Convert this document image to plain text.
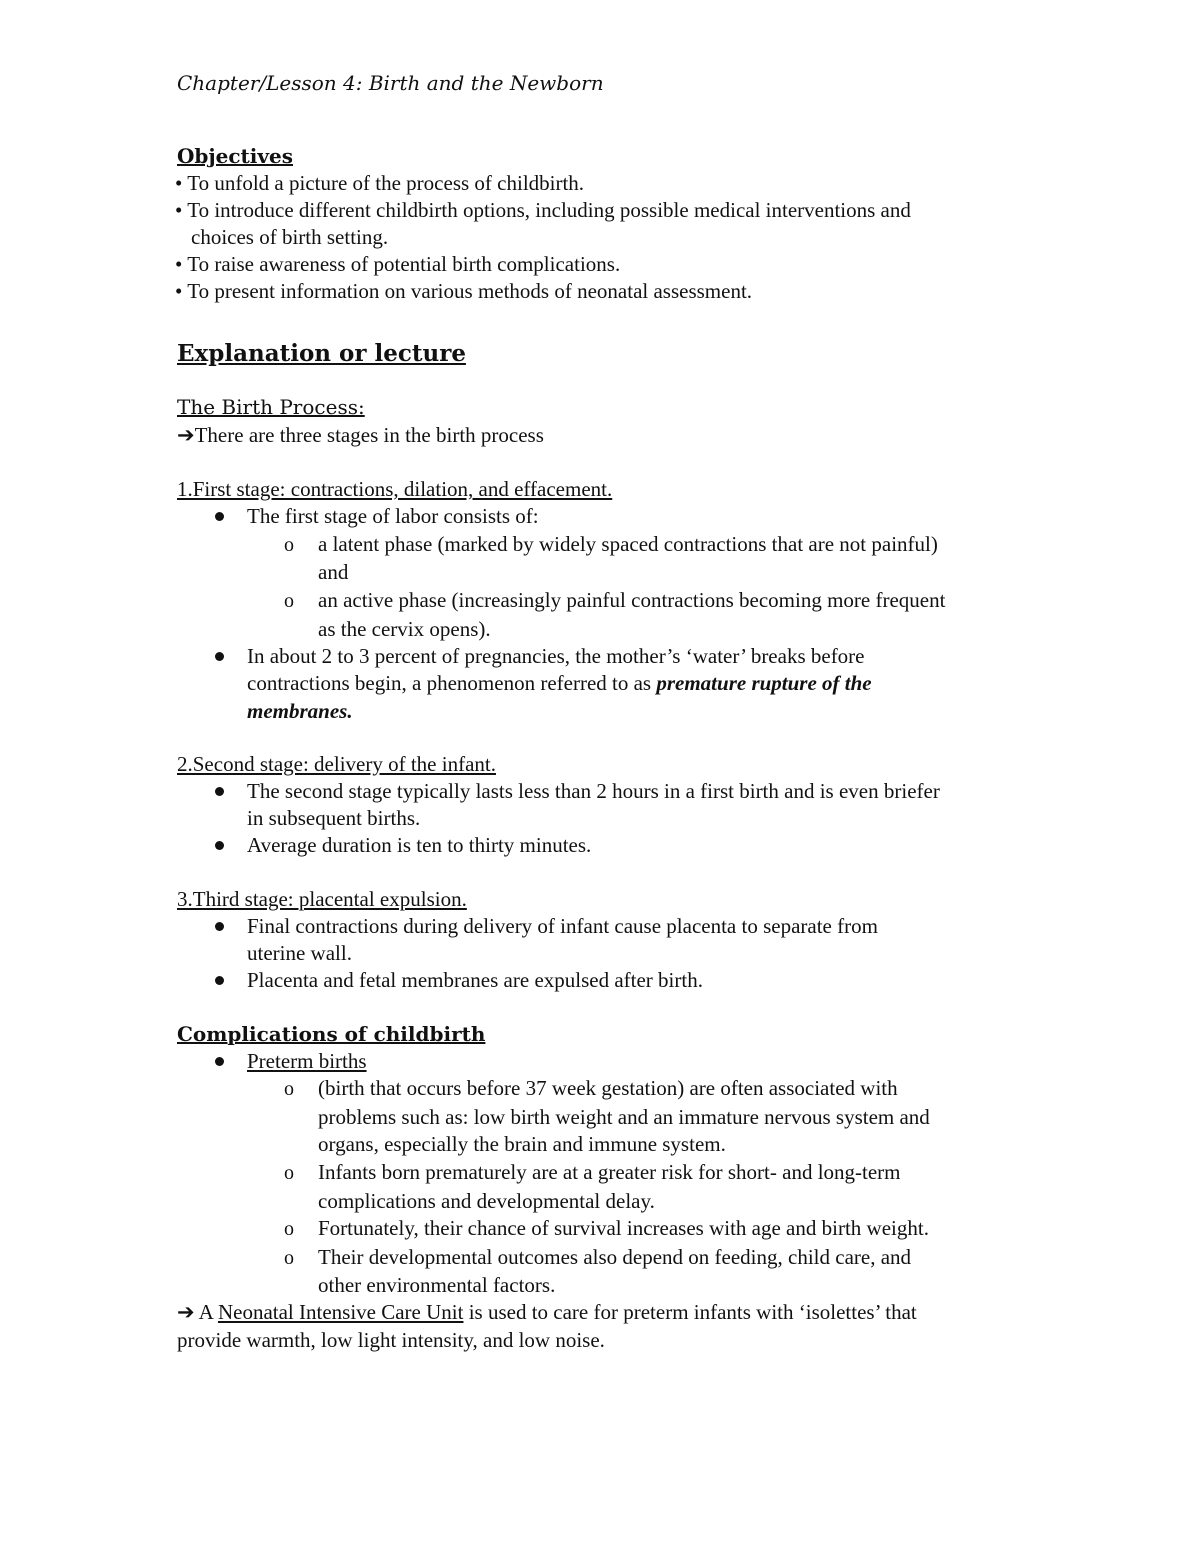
Chapter/Lesson 4: Birth and the Newborn
Objectives
• To unfold a picture of the process of childbirth.
• To introduce different childbirth options, including possible medical interventions and
choices of birth setting.
• To raise awareness of potential birth complications.
• To present information on various methods of neonatal assessment.
Explanation or lecture
The Birth Process:
➔There are three stages in the birth process
1.First stage: contractions, dilation, and effacement.
The first stage of labor consists of:
o a latent phase (marked by widely spaced contractions that are not painful)
and
o an active phase (increasingly painful contractions becoming more frequent
as the cervix opens).
In about 2 to 3 percent of pregnancies, the mother’s ‘water’ breaks before
contractions begin, a phenomenon referred to as premature rupture of the
membranes.
2.Second stage: delivery of the infant.
The second stage typically lasts less than 2 hours in a first birth and is even briefer
in subsequent births.
Average duration is ten to thirty minutes.
3.Third stage: placental expulsion.
Final contractions during delivery of infant cause placenta to separate from
uterine wall.
Placenta and fetal membranes are expulsed after birth.
Complications of childbirth
Preterm births
o (birth that occurs before 37 week gestation) are often associated with
problems such as: low birth weight and an immature nervous system and
organs, especially the brain and immune system.
o Infants born prematurely are at a greater risk for short- and long-term
complications and developmental delay.
o Fortunately, their chance of survival increases with age and birth weight.
o Their developmental outcomes also depend on feeding, child care, and
other environmental factors.
➔ A Neonatal Intensive Care Unit is used to care for preterm infants with ‘isolettes’ that
provide warmth, low light intensity, and low noise.
